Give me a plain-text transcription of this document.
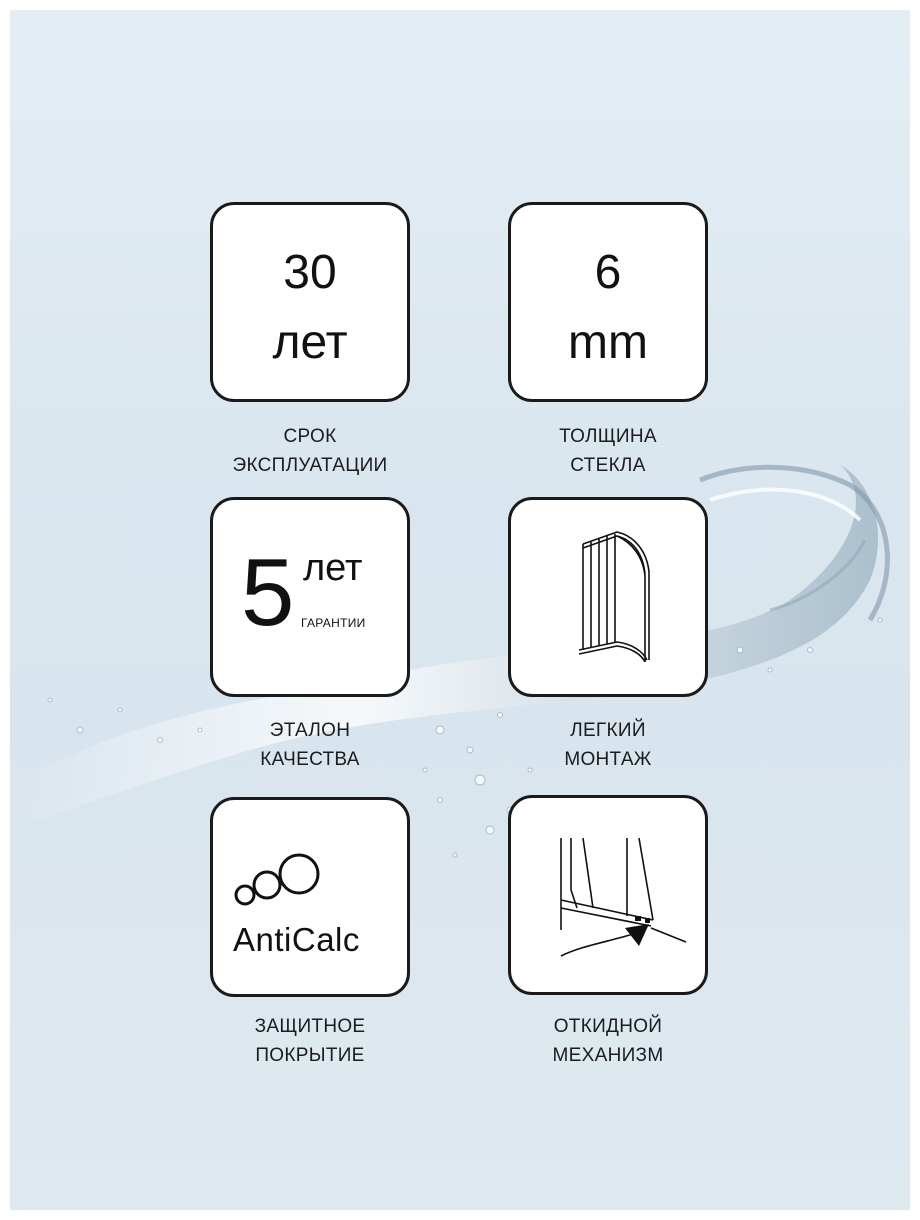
30
лет
СРОК
ЭКСПЛУАТАЦИИ
6
mm
ТОЛЩИНА
СТЕКЛА
5 лет
ГАРАНТИИ
ЭТАЛОН
КАЧЕСТВА
ЛЕГКИЙ
МОНТАЖ
AntiCalc
ЗАЩИТНОЕ
ПОКРЫТИЕ
ОТКИДНОЙ
МЕХАНИЗМ
